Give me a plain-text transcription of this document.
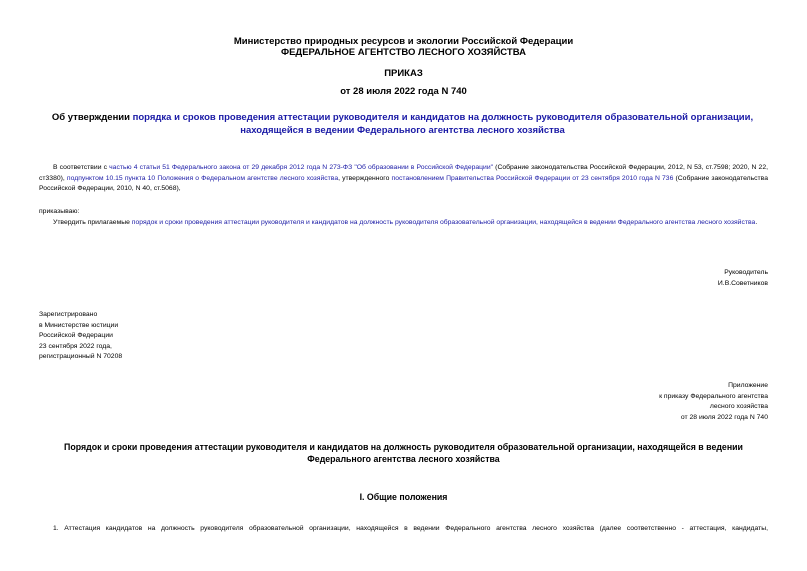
Министерство природных ресурсов и экологии Российской Федерации
ФЕДЕРАЛЬНОЕ АГЕНТСТВО ЛЕСНОГО ХОЗЯЙСТВА
ПРИКАЗ
от 28 июля 2022 года N 740
Об утверждении порядка и сроков проведения аттестации руководителя и кандидатов на должность руководителя образовательной организации, находящейся в ведении Федерального агентства лесного хозяйства
В соответствии с частью 4 статьи 51 Федерального закона от 29 декабря 2012 года N 273-ФЗ "Об образовании в Российской Федерации" (Собрание законодательства Российской Федерации, 2012, N 53, ст.7598; 2020, N 22, ст3380), подпунктом 10.15 пункта 10 Положения о Федеральном агентстве лесного хозяйства, утвержденного постановлением Правительства Российской Федерации от 23 сентября 2010 года N 736 (Собрание законодательства Российской Федерации, 2010, N 40, ст.5068),
приказываю:
Утвердить прилагаемые порядок и сроки проведения аттестации руководителя и кандидатов на должность руководителя образовательной организации, находящейся в ведении Федерального агентства лесного хозяйства.
Руководитель
И.В.Советников
Зарегистрировано
в Министерстве юстиции
Российской Федерации
23 сентября 2022 года,
регистрационный N 70208
Приложение
к приказу Федерального агентства
лесного хозяйства
от 28 июля 2022 года N 740
Порядок и сроки проведения аттестации руководителя и кандидатов на должность руководителя образовательной организации, находящейся в ведении Федерального агентства лесного хозяйства
I. Общие положения
1. Аттестация кандидатов на должность руководителя образовательной организации, находящейся в ведении Федерального агентства лесного хозяйства (далее соответственно - аттестация, кандидаты,
